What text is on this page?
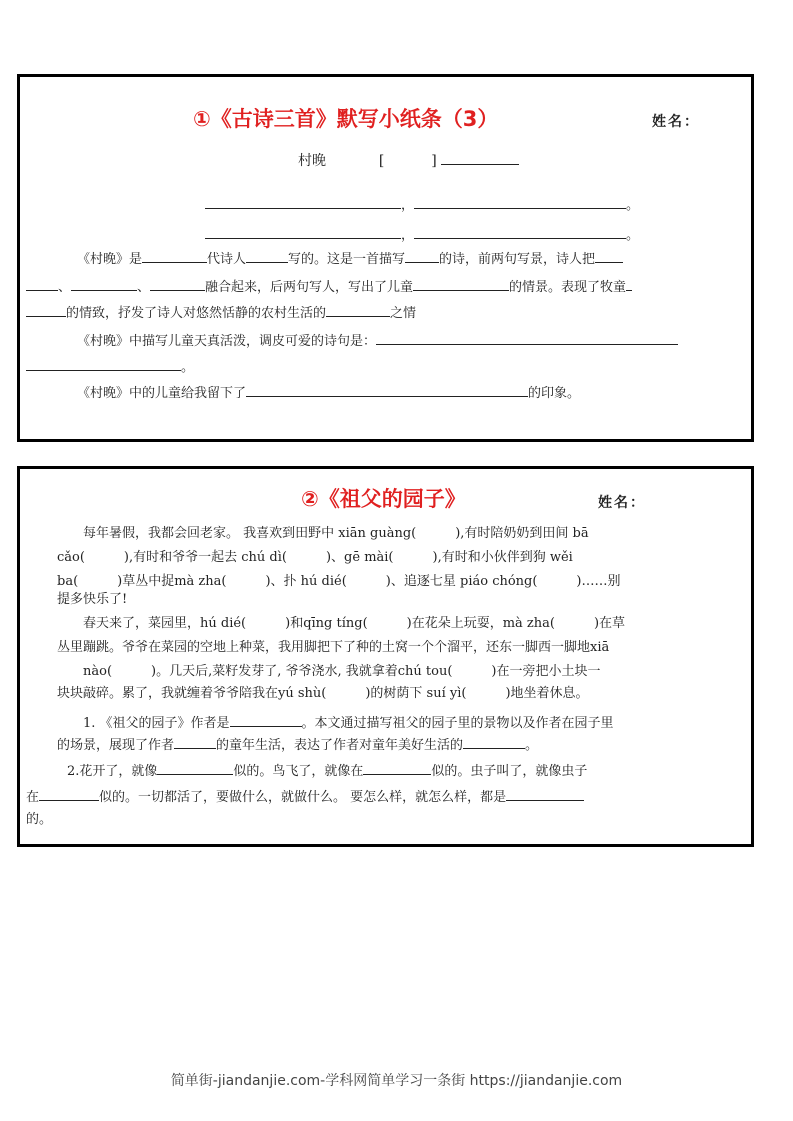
①《古诗三首》默写小纸条（3）	姓名：
村晚	[	]
，	。
，	。
《村晚》是	代诗人	写的。这是一首描写	的诗，前两句写景，诗人把
、	、	融合起来，后两句写人，写出了儿童	的情景。表现了牧童
的情致，抒发了诗人对悠然恬静的农村生活的	之情
《村晚》中描写儿童天真活泼，调皮可爱的诗句是：
。
《村晚》中的儿童给我留下了	的印象。
②《祖父的园子》	姓名：
每年暑假，我都会回老家。 我喜欢到田野中 xiān guàng(　　　),有时陪奶奶到田间 bā
cǎo(　　　),有时和爷爷一起去 chú dì(　　　)、gē mài(　　　),有时和小伙伴到狗 wěi
ba(　　　)草丛中捉mà zha(　　　)、扑 hú dié(　　　)、追逐七星 piáo chóng(　　　)……别
提多快乐了!
春天来了，菜园里，hú dié(　　　)和qīng tíng(　　　)在花朵上玩耍，mà zha(　　　)在草
丛里蹦跳。爷爷在菜园的空地上种菜，我用脚把下了种的土窝一个个溜平，还东一脚西一脚地xiā
nào(　　　)。几天后,菜籽发芽了, 爷爷浇水, 我就拿着chú tou(　　　)在一旁把小土块一
块块敲碎。累了，我就缠着爷爷陪我在yú shù(　　　)的树荫下 suí yì(　　　)地坐着休息。
1. 《祖父的园子》作者是	。本文通过描写祖父的园子里的景物以及作者在园子里
的场景，展现了作者	的童年生活，表达了作者对童年美好生活的	。
2.花开了，就像	似的。鸟飞了，就像在	似的。虫子叫了，就像虫子
在	似的。一切都活了，要做什么，就做什么。 要怎么样，就怎么样，都是
的。
简单街-jiandanjie.com-学科网简单学习一条街 https://jiandanjie.com
